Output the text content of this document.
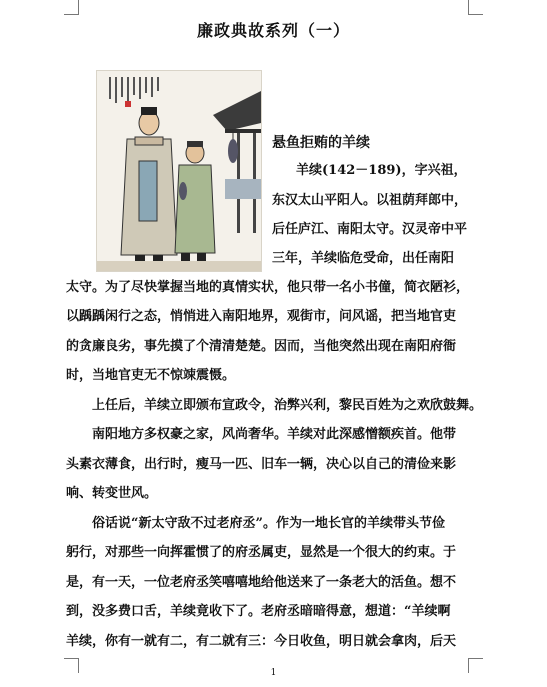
廉政典故系列（一）
悬鱼拒贿的羊续
羊续(142－189)，字兴祖，
东汉太山平阳人。以祖荫拜郎中，
后任庐江、南阳太守。汉灵帝中平
三年，羊续临危受命，出任南阳
太守。为了尽快掌握当地的真情实状，他只带一名小书僮，简衣陋衫，
以踽踽闲行之态，悄悄进入南阳地界，观街市，问风谣，把当地官吏
的贪廉良劣，事先摸了个清清楚楚。因而，当他突然出现在南阳府衙
时，当地官吏无不惊竦震慑。
上任后，羊续立即颁布宣政令，治弊兴利，黎民百姓为之欢欣鼓舞。
南阳地方多权豪之家，风尚奢华。羊续对此深感憎额疾首。他带
头素衣薄食，出行时，瘦马一匹、旧车一辆，决心以自己的清俭来影
响、转变世风。
俗话说“新太守敌不过老府丞”。作为一地长官的羊续带头节俭
躬行，对那些一向挥霍惯了的府丞属吏，显然是一个很大的约束。于
是，有一天，一位老府丞笑嘻嘻地给他送来了一条老大的活鱼。想不
到，没多费口舌，羊续竟收下了。老府丞暗暗得意，想道：“羊续啊
羊续，你有一就有二，有二就有三：今日收鱼，明日就会拿肉，后天
1
